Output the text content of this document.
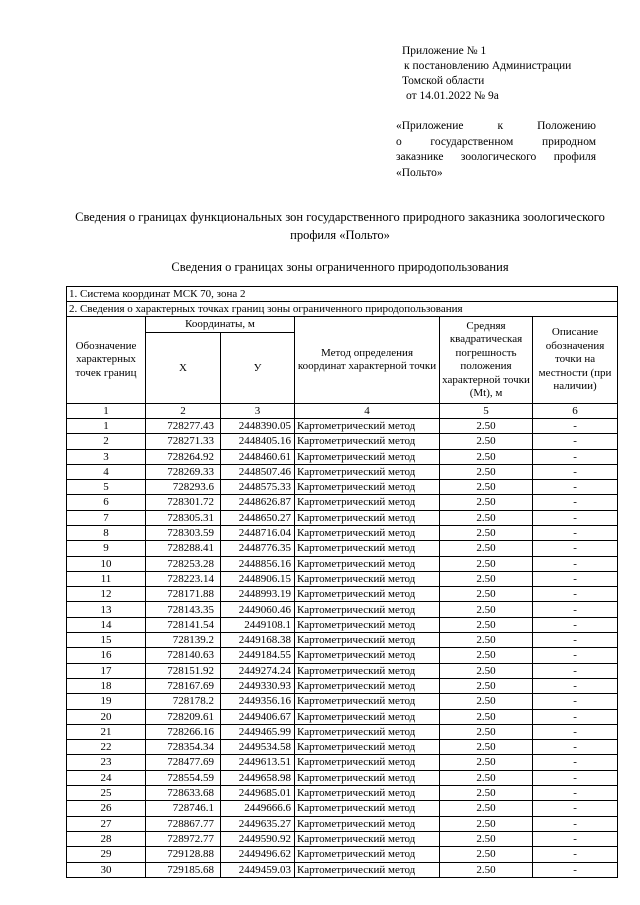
Приложение № 1
к постановлению Администрации
Томской области
от 14.01.2022 № 9а
«Приложение к Положению
о государственном природном
заказнике зоологического профиля
«Польто»
Сведения о границах функциональных зон государственного природного заказника зоологического профиля «Польто»
Сведения о границах зоны ограниченного природопользования
1. Система координат МСК 70, зона 2					
2. Сведения о характерных точках границ зоны ограниченного природопользования					
Обозначение характерных точек границ	Координаты, м		Метод определения координат характерной точки	Средняя квадратическая погрешность положения характерной точки (Mt), м	Описание обозначения точки на местности (при наличии)
	X	У			
1	2	3	4	5	6
1	728277.43	2448390.05	Картометрический метод	2.50	-
2	728271.33	2448405.16	Картометрический метод	2.50	-
3	728264.92	2448460.61	Картометрический метод	2.50	-
4	728269.33	2448507.46	Картометрический метод	2.50	-
5	728293.6	2448575.33	Картометрический метод	2.50	-
6	728301.72	2448626.87	Картометрический метод	2.50	-
7	728305.31	2448650.27	Картометрический метод	2.50	-
8	728303.59	2448716.04	Картометрический метод	2.50	-
9	728288.41	2448776.35	Картометрический метод	2.50	-
10	728253.28	2448856.16	Картометрический метод	2.50	-
11	728223.14	2448906.15	Картометрический метод	2.50	-
12	728171.88	2448993.19	Картометрический метод	2.50	-
13	728143.35	2449060.46	Картометрический метод	2.50	-
14	728141.54	2449108.1	Картометрический метод	2.50	-
15	728139.2	2449168.38	Картометрический метод	2.50	-
16	728140.63	2449184.55	Картометрический метод	2.50	-
17	728151.92	2449274.24	Картометрический метод	2.50	-
18	728167.69	2449330.93	Картометрический метод	2.50	-
19	728178.2	2449356.16	Картометрический метод	2.50	-
20	728209.61	2449406.67	Картометрический метод	2.50	-
21	728266.16	2449465.99	Картометрический метод	2.50	-
22	728354.34	2449534.58	Картометрический метод	2.50	-
23	728477.69	2449613.51	Картометрический метод	2.50	-
24	728554.59	2449658.98	Картометрический метод	2.50	-
25	728633.68	2449685.01	Картометрический метод	2.50	-
26	728746.1	2449666.6	Картометрический метод	2.50	-
27	728867.77	2449635.27	Картометрический метод	2.50	-
28	728972.77	2449590.92	Картометрический метод	2.50	-
29	729128.88	2449496.62	Картометрический метод	2.50	-
30	729185.68	2449459.03	Картометрический метод	2.50	-
